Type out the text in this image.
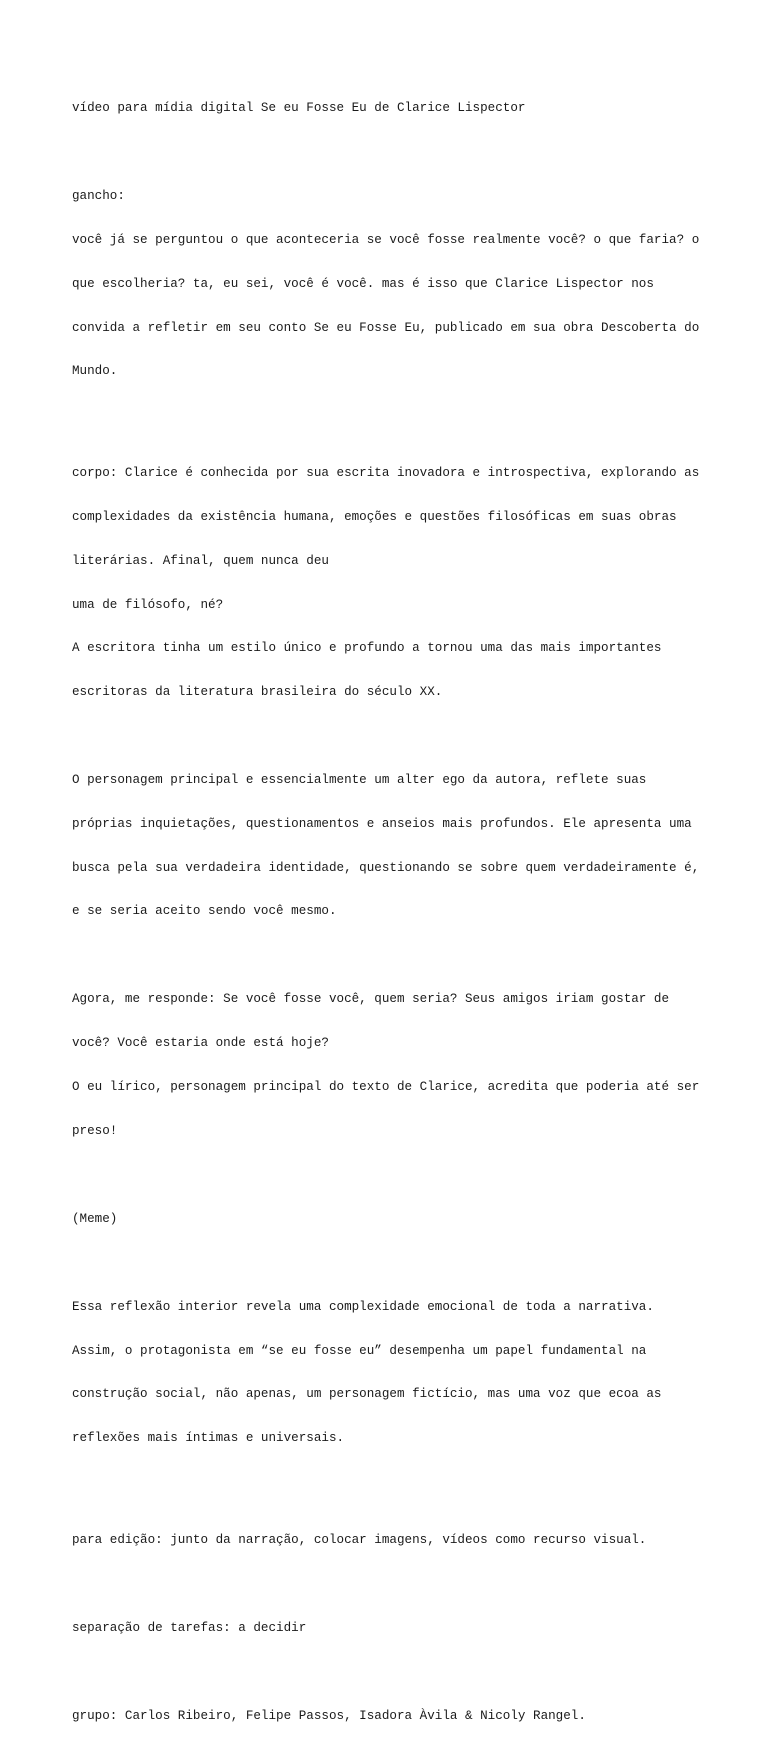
vídeo para mídia digital Se eu Fosse Eu de Clarice Lispector

gancho:

você já se perguntou o que aconteceria se você fosse realmente você? o que faria? o

que escolheria? ta, eu sei, você é você. mas é isso que Clarice Lispector nos

convida a refletir em seu conto Se eu Fosse Eu, publicado em sua obra Descoberta do

Mundo.

corpo: Clarice é conhecida por sua escrita inovadora e introspectiva, explorando as

complexidades da existência humana, emoções e questões filosóficas em suas obras

literárias. Afinal, quem nunca deu

uma de filósofo, né?

A escritora tinha um estilo único e profundo a tornou uma das mais importantes

escritoras da literatura brasileira do século XX.

O personagem principal e essencialmente um alter ego da autora, reflete suas

próprias inquietações, questionamentos e anseios mais profundos. Ele apresenta uma

busca pela sua verdadeira identidade, questionando se sobre quem verdadeiramente é,

e se seria aceito sendo você mesmo.

Agora, me responde: Se você fosse você, quem seria? Seus amigos iriam gostar de

você? Você estaria onde está hoje?

O eu lírico, personagem principal do texto de Clarice, acredita que poderia até ser

preso!

(Meme)

Essa reflexão interior revela uma complexidade emocional de toda a narrativa.

Assim, o protagonista em “se eu fosse eu” desempenha um papel fundamental na

construção social, não apenas, um personagem fictício, mas uma voz que ecoa as

reflexões mais íntimas e universais.

para edição: junto da narração, colocar imagens, vídeos como recurso visual.

separação de tarefas: a decidir

grupo: Carlos Ribeiro, Felipe Passos, Isadora Àvila & Nicoly Rangel.
